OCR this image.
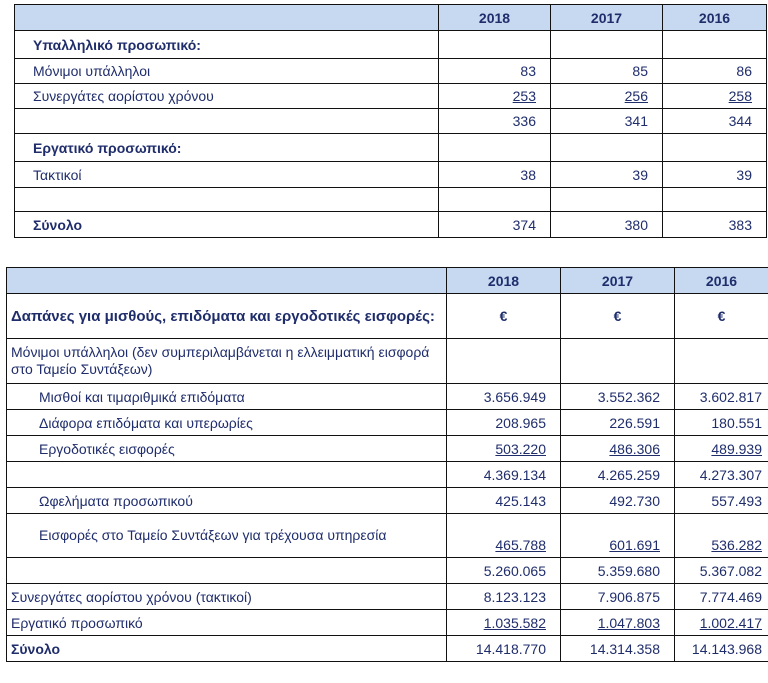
	2018	2017	2016
Υπαλληλικό προσωπικό:			
Μόνιμοι υπάλληλοι	83	85	86
Συνεργάτες αορίστου χρόνου	253	256	258
	336	341	344
Εργατικό προσωπικό:			
Τακτικοί	38	39	39

Σύνολο	374	380	383
	2018	2017	2016
Δαπάνες για μισθούς, επιδόματα και εργοδοτικές εισφορές:	€	€	€
Μόνιμοι υπάλληλοι (δεν συμπεριλαμβάνεται η ελλειμματική εισφορά στο Ταμείο Συντάξεων)			
Μισθοί και τιμαριθμικά επιδόματα	3.656.949	3.552.362	3.602.817
Διάφορα επιδόματα και υπερωρίες	208.965	226.591	180.551
Εργοδοτικές εισφορές	503.220	486.306	489.939
	4.369.134	4.265.259	4.273.307
Ωφελήματα προσωπικού	425.143	492.730	557.493
Εισφορές στο Ταμείο Συντάξεων για τρέχουσα υπηρεσία	465.788	601.691	536.282
	5.260.065	5.359.680	5.367.082
Συνεργάτες αορίστου χρόνου (τακτικοί)	8.123.123	7.906.875	7.774.469
Εργατικό προσωπικό	1.035.582	1.047.803	1.002.417
Σύνολο	14.418.770	14.314.358	14.143.968
